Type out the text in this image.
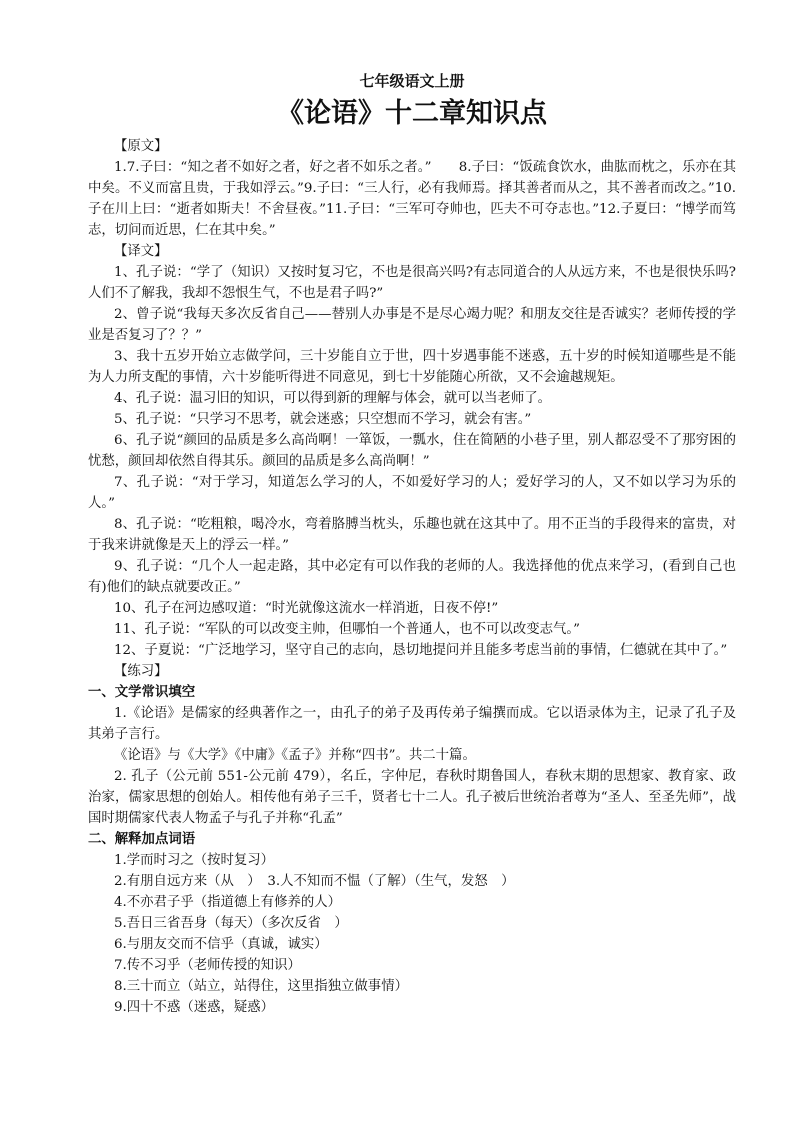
七年级语文上册
《论语》十二章知识点

【原文】

1.7.子曰：“知之者不如好之者，好之者不如乐之者。”　　8.子曰：“饭疏食饮水，曲肱而枕之，乐亦在其中矣。不义而富且贵，于我如浮云。”9.子曰：“三人行，必有我师焉。择其善者而从之，其不善者而改之。”10.子在川上曰：“逝者如斯夫！不舍昼夜。”11.子曰：“三军可夺帅也，匹夫不可夺志也。”12.子夏曰：“博学而笃志，切问而近思，仁在其中矣。”

【译文】

1、孔子说：“学了（知识）又按时复习它，不也是很高兴吗?有志同道合的人从远方来，不也是很快乐吗?人们不了解我，我却不怨恨生气，不也是君子吗?”

2、曾子说“我每天多次反省自己——替别人办事是不是尽心竭力呢？和朋友交往是否诚实？老师传授的学业是否复习了？？”

3、我十五岁开始立志做学问，三十岁能自立于世，四十岁遇事能不迷惑，五十岁的时候知道哪些是不能为人力所支配的事情，六十岁能听得进不同意见，到七十岁能随心所欲，又不会逾越规矩。

4、孔子说：温习旧的知识，可以得到新的理解与体会，就可以当老师了。

5、孔子说：“只学习不思考，就会迷惑；只空想而不学习，就会有害。”

6、孔子说“颜回的品质是多么高尚啊！一箪饭，一瓢水，住在简陋的小巷子里，别人都忍受不了那穷困的忧愁，颜回却依然自得其乐。颜回的品质是多么高尚啊！”

7、孔子说：“对于学习，知道怎么学习的人，不如爱好学习的人；爱好学习的人，又不如以学习为乐的人。”

8、孔子说：“吃粗粮，喝冷水，弯着胳膊当枕头，乐趣也就在这其中了。用不正当的手段得来的富贵，对于我来讲就像是天上的浮云一样。”

9、孔子说：“几个人一起走路，其中必定有可以作我的老师的人。我选择他的优点来学习，(看到自己也有)他们的缺点就要改正。”

10、孔子在河边感叹道：“时光就像这流水一样消逝，日夜不停!”

11、孔子说：“军队的可以改变主帅，但哪怕一个普通人，也不可以改变志气。”

12、子夏说：“广泛地学习，坚守自己的志向，恳切地提问并且能多考虑当前的事情，仁德就在其中了。”

【练习】

一、文学常识填空

1.《论语》是儒家的经典著作之一，由孔子的弟子及再传弟子编撰而成。它以语录体为主，记录了孔子及其弟子言行。

《论语》与《大学》《中庸》《孟子》并称“四书”。共二十篇。

2. 孔子（公元前 551-公元前 479），名丘，字仲尼，春秋时期鲁国人，春秋末期的思想家、教育家、政治家，儒家思想的创始人。相传他有弟子三千，贤者七十二人。孔子被后世统治者尊为“圣人、至圣先师”，战国时期儒家代表人物孟子与孔子并称“孔孟”

二、解释加点词语

1.学而时习之（按时复习）

2.有朋自远方来（从　）　3.人不知而不愠（了解）（生气，发怒　）

4.不亦君子乎（指道德上有修养的人）

5.吾日三省吾身（每天）（多次反省　）

6.与朋友交而不信乎（真诚，诚实）

7.传不习乎（老师传授的知识）

8.三十而立（站立，站得住，这里指独立做事情）

9.四十不惑（迷惑，疑惑）
